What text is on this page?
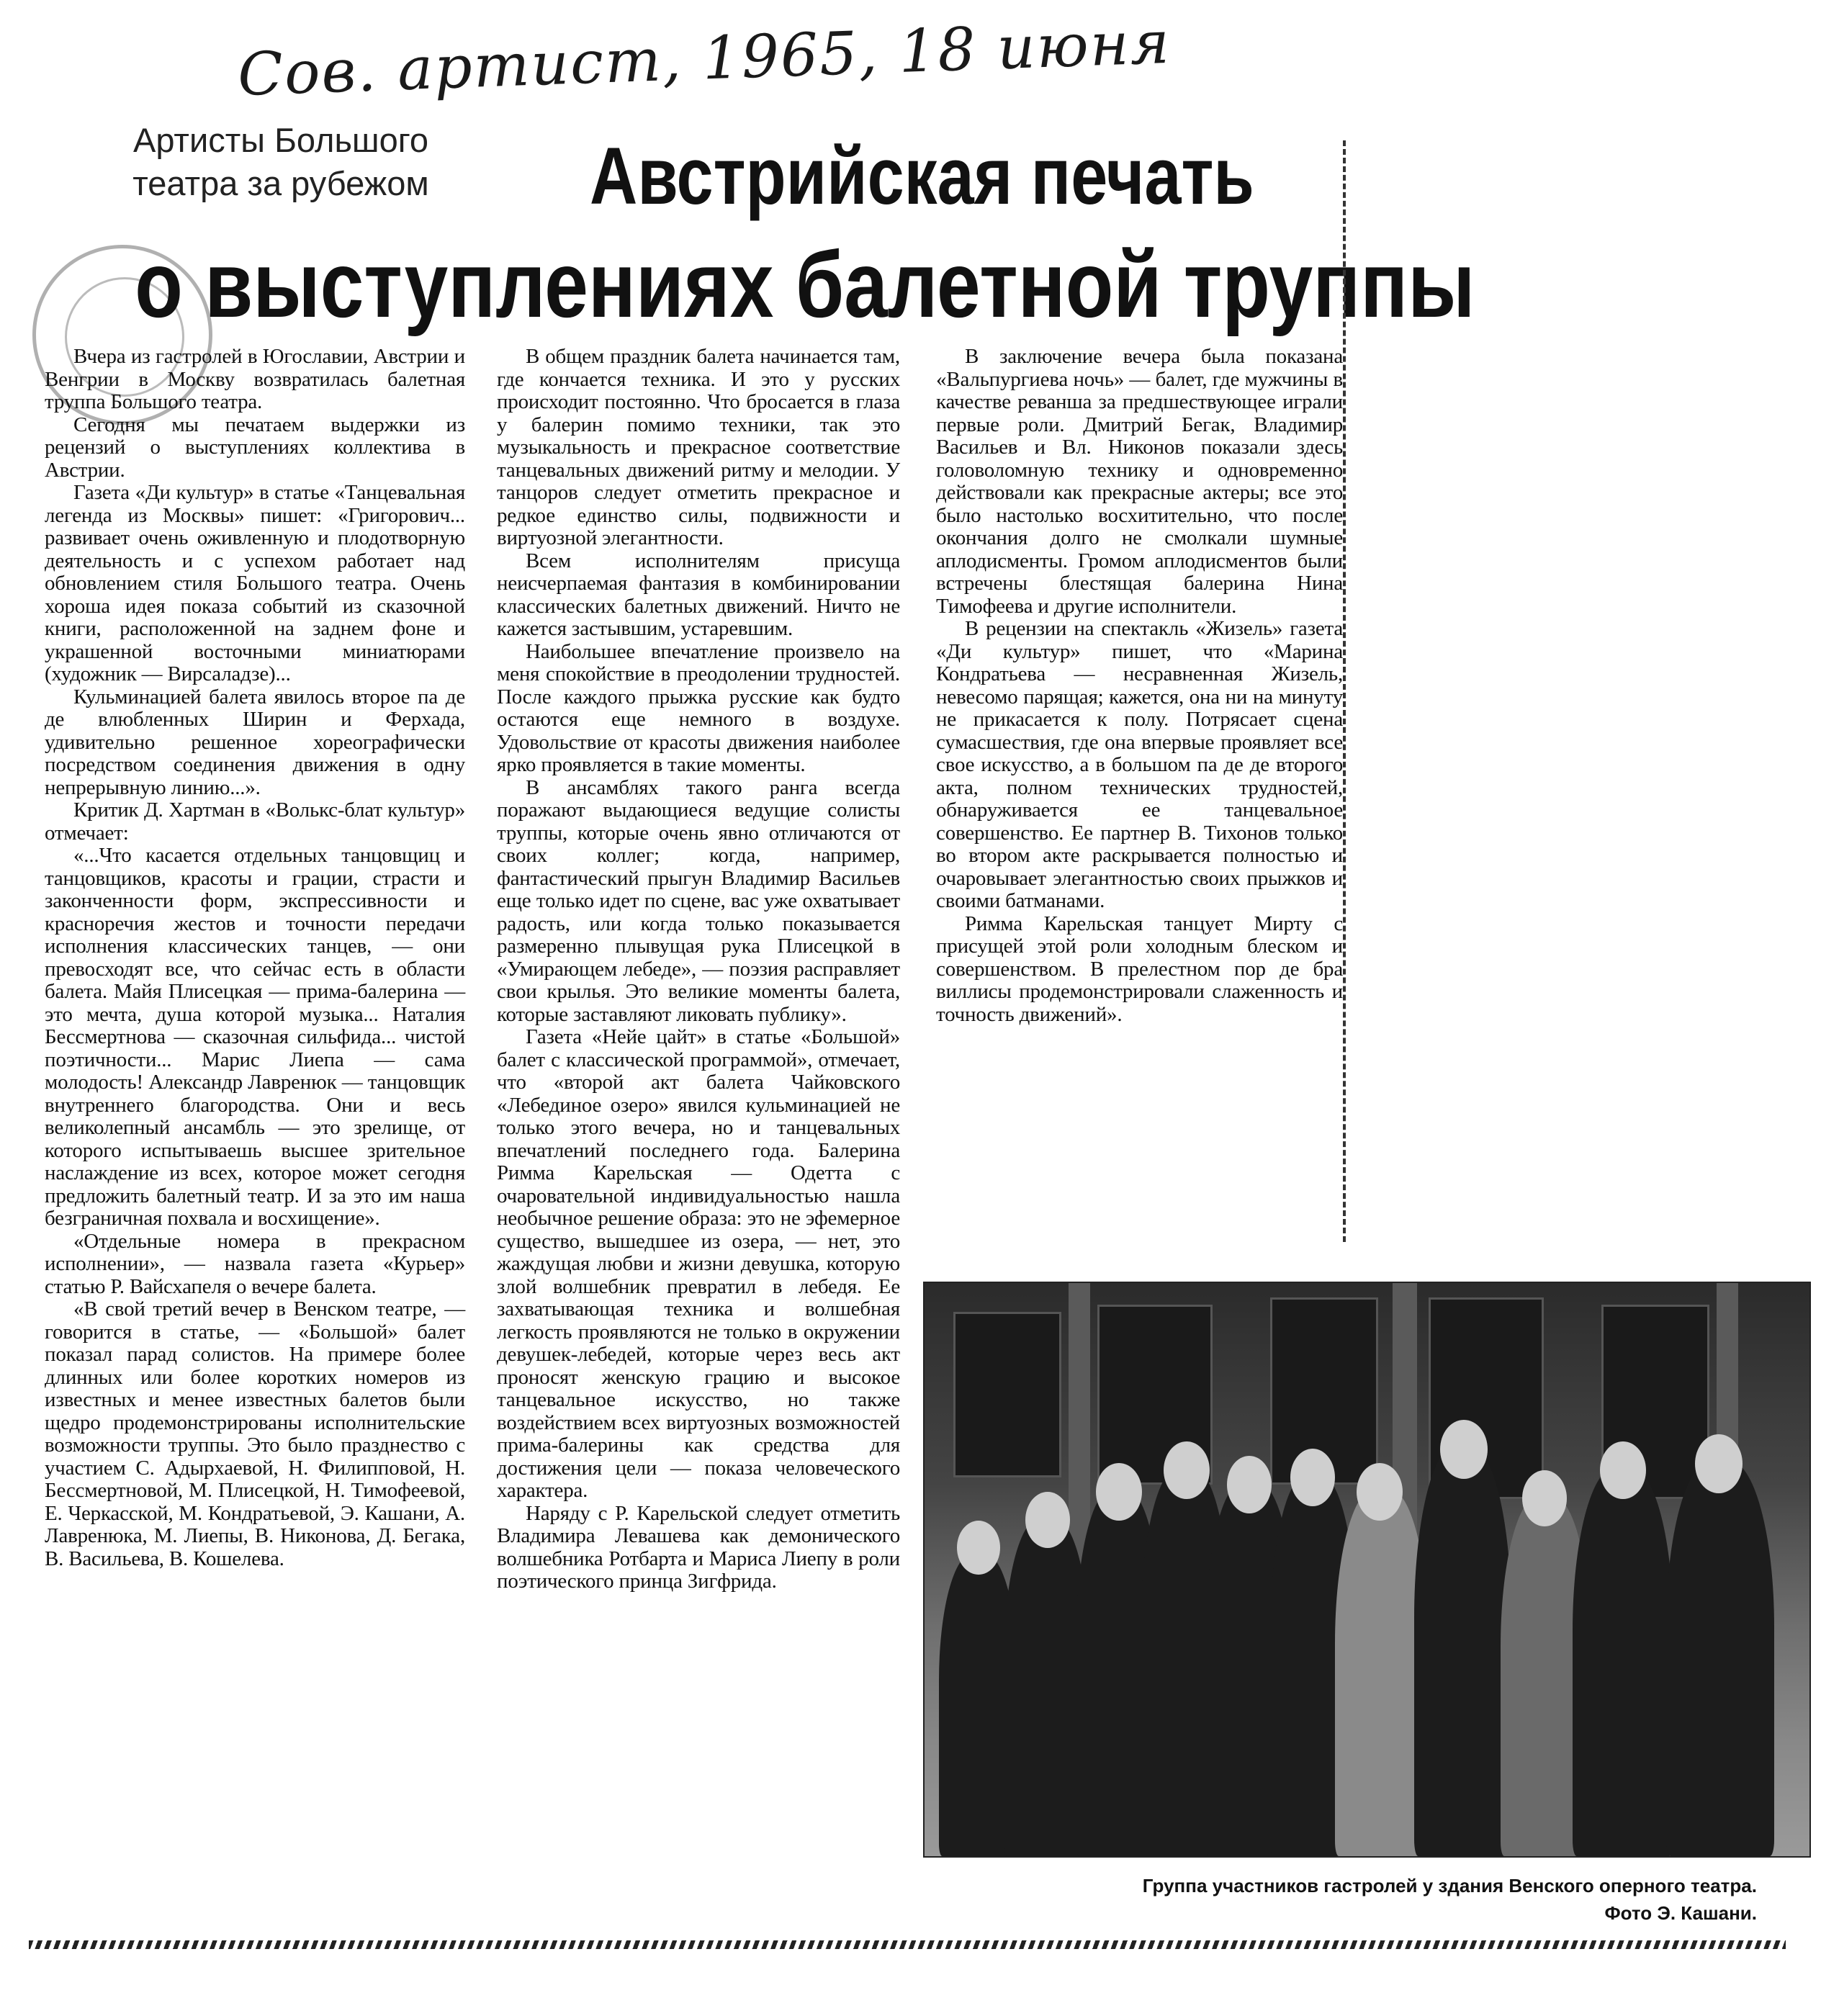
Сов. артист, 1965, 18 июня
Артисты Большого
театра за рубежом	Австрийская печать
о выступлениях балетной труппы

Вчера из гастролей в Югославии, Австрии и Венгрии в Москву возвратилась балетная труппа Большого театра.

Сегодня мы печатаем выдержки из рецензий о выступлениях коллектива в Австрии.

Газета «Ди культур» в статье «Танцевальная легенда из Москвы» пишет: «Григорович... развивает очень оживленную и плодотворную деятельность и с успехом работает над обновлением стиля Большого театра. Очень хороша идея показа событий из сказочной книги, расположенной на заднем фоне и украшенной восточными миниатюрами (художник — Вирсаладзе)...

Кульминацией балета явилось второе па де де влюбленных Ширин и Ферхада, удивительно решенное хореографически посредством соединения движения в одну непрерывную линию...».

Критик Д. Хартман в «Волькс-блат культур» отмечает:

«...Что касается отдельных танцовщиц и танцовщиков, красоты и грации, страсти и законченности форм, экспрессивности и красноречия жестов и точности передачи исполнения классических танцев, — они превосходят все, что сейчас есть в области балета. Майя Плисецкая — прима-балерина — это мечта, душа которой музыка... Наталия Бессмертнова — сказочная сильфида... чистой поэтичности... Марис Лиепа — сама молодость! Александр Лавренюк — танцовщик внутреннего благородства. Они и весь великолепный ансамбль — это зрелище, от которого испытываешь высшее зрительное наслаждение из всех, которое может сегодня предложить балетный театр. И за это им наша безграничная похвала и восхищение».

«Отдельные номера в прекрасном исполнении», — назвала газета «Курьер» статью Р. Вайсхапеля о вечере балета.

«В свой третий вечер в Венском театре, — говорится в статье, — «Большой» балет показал парад солистов. На примере более длинных или более коротких номеров из известных и менее известных балетов были щедро продемонстрированы исполнительские возможности труппы. Это было празднество с участием С. Адырхаевой, Н. Филипповой, Н. Бессмертновой, М. Плисецкой, Н. Тимофеевой, Е. Черкасской, М. Кондратьевой, Э. Кашани, А. Лавренюка, М. Лиепы, В. Никонова, Д. Бегака, В. Васильева, В. Кошелева.

В общем праздник балета начинается там, где кончается техника. И это у русских происходит постоянно. Что бросается в глаза у балерин помимо техники, так это музыкальность и прекрасное соответствие танцевальных движений ритму и мелодии. У танцоров следует отметить прекрасное и редкое единство силы, подвижности и виртуозной элегантности.

Всем исполнителям присуща неисчерпаемая фантазия в комбинировании классических балетных движений. Ничто не кажется застывшим, устаревшим.

Наибольшее впечатление произвело на меня спокойствие в преодолении трудностей. После каждого прыжка русские как будто остаются еще немного в воздухе. Удовольствие от красоты движения наиболее ярко проявляется в такие моменты.

В ансамблях такого ранга всегда поражают выдающиеся ведущие солисты труппы, которые очень явно отличаются от своих коллег; когда, например, фантастический прыгун Владимир Васильев еще только идет по сцене, вас уже охватывает радость, или когда только показывается размеренно плывущая рука Плисецкой в «Умирающем лебеде», — поэзия расправляет свои крылья. Это великие моменты балета, которые заставляют ликовать публику».

Газета «Нейе цайт» в статье «Большой» балет с классической программой», отмечает, что «второй акт балета Чайковского «Лебединое озеро» явился кульминацией не только этого вечера, но и танцевальных впечатлений последнего года. Балерина Римма Карельская — Одетта с очаровательной индивидуальностью нашла необычное решение образа: это не эфемерное существо, вышедшее из озера, — нет, это жаждущая любви и жизни девушка, которую злой волшебник превратил в лебедя. Ее захватывающая техника и волшебная легкость проявляются не только в окружении девушек-лебедей, которые через весь акт проносят женскую грацию и высокое танцевальное искусство, но также воздействием всех виртуозных возможностей прима-балерины как средства для достижения цели — показа человеческого характера.

Наряду с Р. Карельской следует отметить Владимира Левашева как демонического волшебника Ротбарта и Мариса Лиепу в роли поэтического принца Зигфрида.

В заключение вечера была показана «Вальпургиева ночь» — балет, где мужчины в качестве реванша за предшествующее играли первые роли. Дмитрий Бегак, Владимир Васильев и Вл. Никонов показали здесь головоломную технику и одновременно действовали как прекрасные актеры; все это было настолько восхитительно, что после окончания долго не смолкали шумные аплодисменты. Громом аплодисментов были встречены блестящая балерина Нина Тимофеева и другие исполнители.

В рецензии на спектакль «Жизель» газета «Ди культур» пишет, что «Марина Кондратьева — несравненная Жизель, невесомо парящая; кажется, она ни на минуту не прикасается к полу. Потрясает сцена сумасшествия, где она впервые проявляет все свое искусство, а в большом па де де второго акта, полном технических трудностей, обнаруживается ее танцевальное совершенство. Ее партнер В. Тихонов только во втором акте раскрывается полностью и очаровывает элегантностью своих прыжков и своими батманами.

Римма Карельская танцует Мирту с присущей этой роли холодным блеском и совершенством. В прелестном пор де бра виллисы продемонстрировали слаженность и точность движений».

Группа участников гастролей у здания Венского оперного театра.
Фото Э. Кашани.
